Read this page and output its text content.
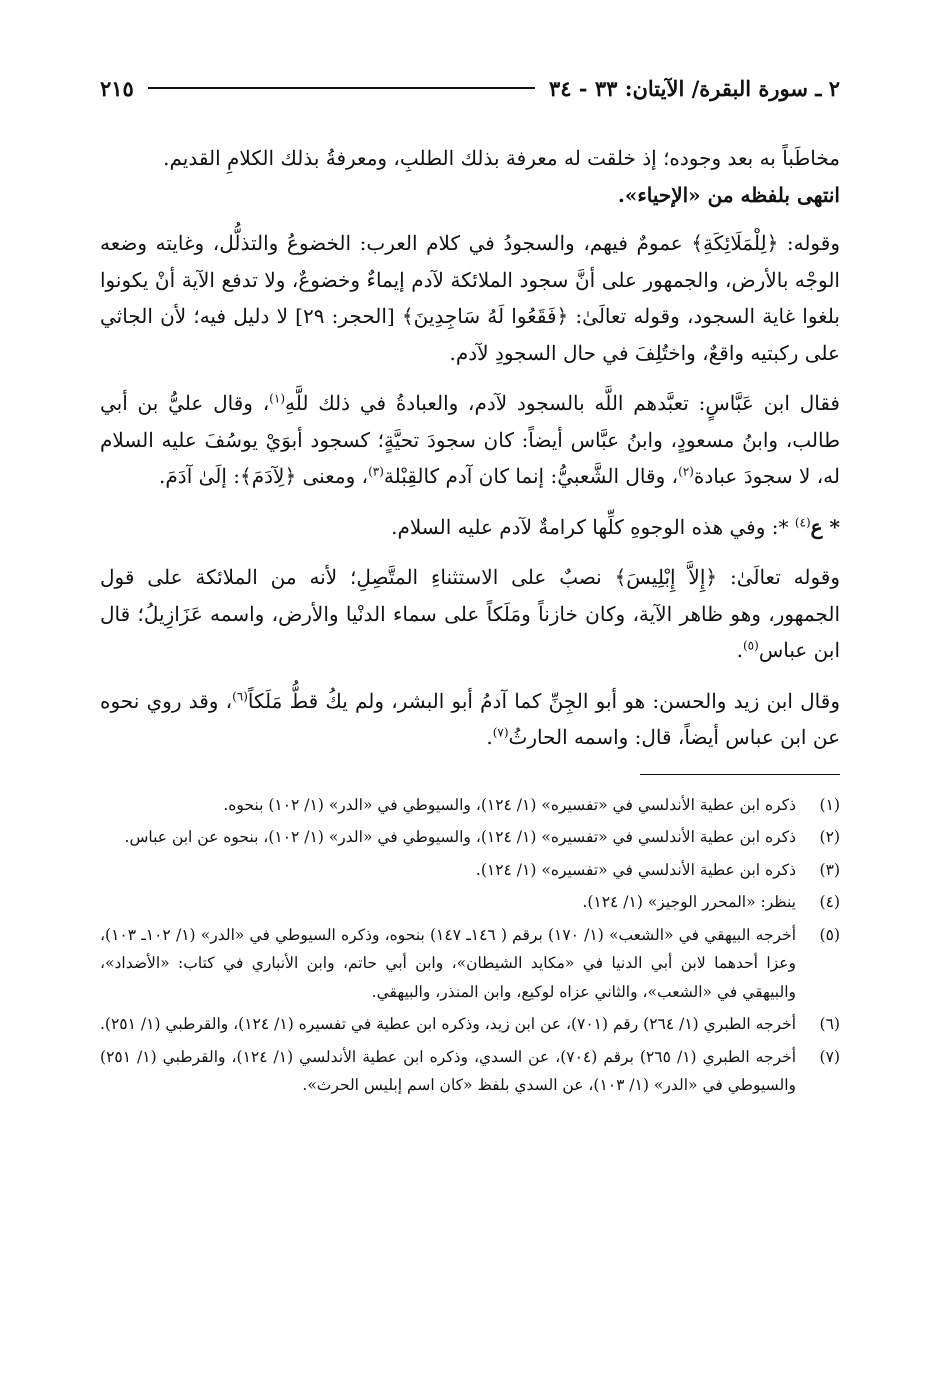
٢ ـ سورة البقرة/ الآيتان: ٣٣ - ٣٤
٢١٥

مخاطَباً به بعد وجوده؛ إذ خلقت له معرفة بذلك الطلبِ، ومعرفةُ بذلك الكلامِ القديم.
انتهى بلفظه من «الإحياء».

وقوله: ﴿لِلْمَلَائِكَةِ﴾ عمومٌ فيهم، والسجودُ في كلام العرب: الخضوعُ والتذلُّل، وغايته وضعه الوجْه بالأرض، والجمهور على أنَّ سجود الملائكة لآدم إيماءٌ وخضوعٌ، ولا تدفع الآية أنْ يكونوا بلغوا غاية السجود، وقوله تعالَىٰ: ﴿فَقَعُوا لَهُ سَاجِدِينَ﴾ [الحجر: ٢٩] لا دليل فيه؛ لأن الجاثي على ركبتيه واقعٌ، واختُلِفَ في حال السجودِ لآدم.

فقال ابن عَبَّاسٍ: تعبَّدهم اللَّه بالسجود لآدم، والعبادةُ في ذلك للَّهِ$^{(١)}$، وقال عليُّ بن أبي طالب، وابنُ مسعودٍ، وابنُ عبَّاس أيضاً: كان سجودَ تحيَّةٍ؛ كسجود أبوَيْ يوسُفَ عليه السلام له، لا سجودَ عبادة$^{(٢)}$، وقال الشَّعبيُّ: إنما كان آدم كالقِبْلة$^{(٣)}$، ومعنى ﴿لِآدَمَ﴾: إلَىٰ آدَمَ.

* ع$^{(٤)}$ *: وفي هذه الوجوهِ كلِّها كرامةٌ لآدم عليه السلام.

وقوله تعالَىٰ: ﴿إِلاَّ إِبْلِيسَ﴾ نصبٌ على الاستثناءِ المتَّصِلِ؛ لأنه من الملائكة على قول الجمهور، وهو ظاهر الآية، وكان خازناً ومَلَكاً على سماء الدنْيا والأرض، واسمه عَزَازِيلُ؛ قال ابن عباس$^{(٥)}$.

وقال ابن زيد والحسن: هو أبو الجِنِّ كما آدمُ أبو البشر، ولم يكُ قطُّ مَلَكاً$^{(٦)}$، وقد روي نحوه عن ابن عباس أيضاً، قال: واسمه الحارثُ$^{(٧)}$.

(١)
ذكره ابن عطية الأندلسي في «تفسيره» (١/ ١٢٤)، والسيوطي في «الدر» (١/ ١٠٢) بنحوه.
(٢)
ذكره ابن عطية الأندلسي في «تفسيره» (١/ ١٢٤)، والسيوطي في «الدر» (١/ ١٠٢)، بنحوه عن ابن عباس.
(٣)
ذكره ابن عطية الأندلسي في «تفسيره» (١/ ١٢٤).
(٤)
ينظر: «المحرر الوجيز» (١/ ١٢٤).
(٥)
أخرجه البيهقي في «الشعب» (١/ ١٧٠) برقم ( ١٤٦ـ ١٤٧) بنحوه، وذكره السيوطي في «الدر» (١/ ١٠٢ـ ١٠٣)، وعزا أحدهما لابن أبي الدنيا في «مكايد الشيطان»، وابن أبي حاتم، وابن الأنباري في كتاب: «الأضداد»، والبيهقي في «الشعب»، والثاني عزاه لوكيع، وابن المنذر، والبيهقي.
(٦)
أخرجه الطبري (١/ ٢٦٤) رقم (٧٠١)، عن ابن زيد، وذكره ابن عطية في تفسيره (١/ ١٢٤)، والقرطبي (١/ ٢٥١).
(٧)
أخرجه الطبري (١/ ٢٦٥) برقم (٧٠٤)، عن السدي، وذكره ابن عطية الأندلسي (١/ ١٢٤)، والقرطبي (١/ ٢٥١) والسيوطي في «الدر» (١/ ١٠٣)، عن السدي بلفظ «كان اسم إبليس الحرث».
